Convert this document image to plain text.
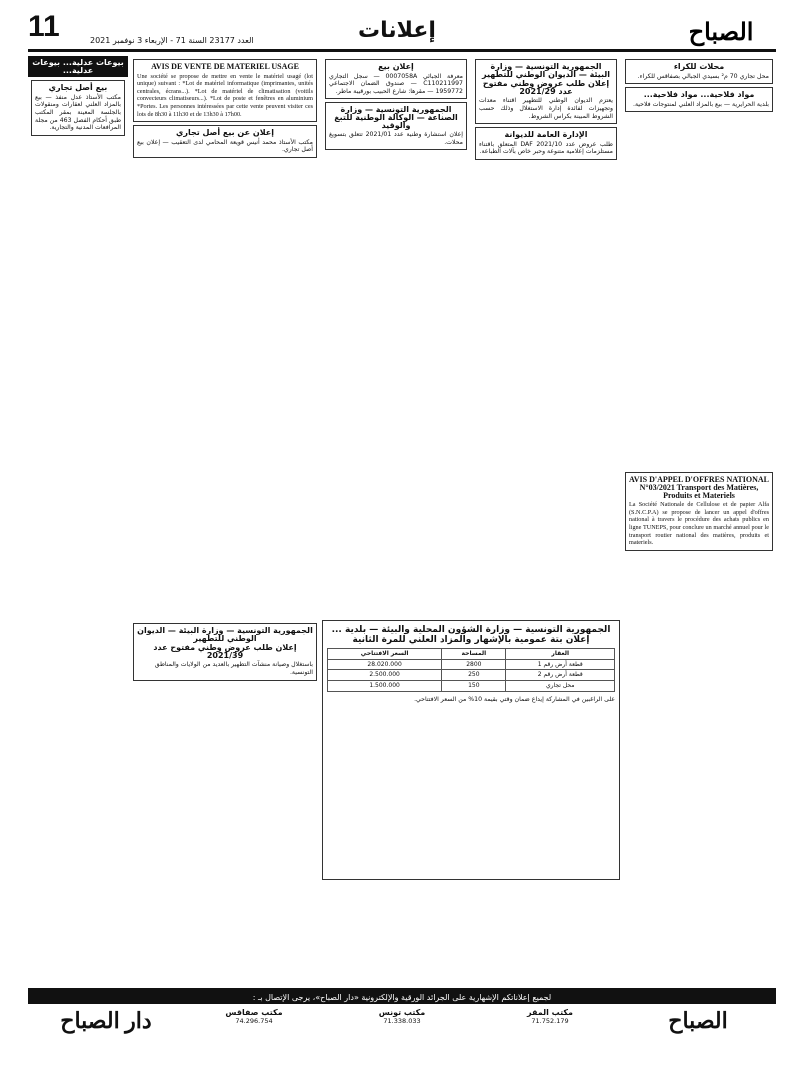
11	العدد 23177 السنة 71 - الإربعاء 3 نوفمبر 2021	إعلانات	الصباح
بيوعات عدلية... بيوعات عدلية...
بيع أصل تجاري

مكتب الأستاذ عدل منفذ — بيع بالمزاد العلني لعقارات ومنقولات بالجلسة المعينة بمقر المكتب طبق أحكام الفصل 463 من مجلة المرافعات المدنية والتجارية.

AVIS DE VENTE DE MATERIEL USAGE

Une société se propose de mettre en vente le matériel usagé (lot unique) suivant : *Lot de matériel informatique (imprimantes, unités centrales, écrans...). *Lot de matériel de climatisation (voitils convecteurs climatiseurs...). *Lot de poste et fenêtres en aluminium *Portes. Les personnes intéressées par cette vente peuvent visiter ces lots de 8h30 à 11h30 et de 13h30 à 17h00.

إعلان عن بيع أصل تجاري

مكتب الأستاذ محمد أنيس قويعة المحامي لدى التعقيب — إعلان بيع أصل تجاري.

إعلان بيع

معرفة الجبائي 0007058A — سجل التجاري C110211997 — صندوق الضمان الاجتماعي 1959772 — مقرها: شارع الحبيب بورقيبة ماطر.

الجمهورية التونسية — وزارة الصناعة — الوكالة الوطنية للتبغ والوقيد

إعلان استشارة وطنية عدد 2021/01 تتعلق بتسويغ محلات.

الجمهورية التونسية — وزارة البيئة — الديوان الوطني للتطهير
إعلان طلب عروض وطني مفتوح عدد 2021/29

يعتزم الديوان الوطني للتطهير اقتناء معدات وتجهيزات لفائدة إدارة الاستغلال وذلك حسب الشروط المبينة بكراس الشروط.

الإدارة العامة للديوانة

طلب عروض عدد 2021/10 DAF المتعلق باقتناء مستلزمات إعلامية متنوعة وحبر خاص بآلات الطباعة.

محلات للكراء

محل تجاري 70 م² بسيدي الجبالي بصفاقس للكراء.

مواد فلاحية... مواد فلاحية...

بلدية الحرايرية — بيع بالمزاد العلني لمنتوجات فلاحية.

AVIS D'APPEL D'OFFRES NATIONAL N°03/2021 Transport des Matières, Produits et Materiels

La Société Nationale de Cellulose et de papier Alfa (S.N.C.P.A) se propose de lancer un appel d'offres national à travers le procédure des achats publics en ligne TUNEPS, pour conclure un marché annuel pour le transport routier national des matières, produits et materiels.

الجمهورية التونسية — وزارة الشؤون المحلية والبيئة — بلدية ...
إعلان بتة عمومية بالإشهار والمزاد العلني للمرة الثانية
العقار	المساحة	السعر الافتتاحي
قطعة أرض رقم 1	2800	28.020.000
قطعة أرض رقم 2	250	2.500.000
محل تجاري	150	1.500.000

على الراغبين في المشاركة إيداع ضمان وقتي بقيمة 10% من السعر الافتتاحي.

الجمهورية التونسية — وزارة البيئة — الديوان الوطني للتطهير
إعلان طلب عروض وطني مفتوح عدد 2021/39

باستغلال وصيانة منشآت التطهير بالعديد من الولايات والمناطق التونسية.

لجميع إعلاناتكم الإشهارية على الجرائد الورقية والإلكترونية «دار الصباح»، يرجى الإتصال بـ :
الصباح
مكتب المقر
71.752.179
مكتب تونس
71.338.033
مكتب صفاقس
74.296.754
دار الصباح
